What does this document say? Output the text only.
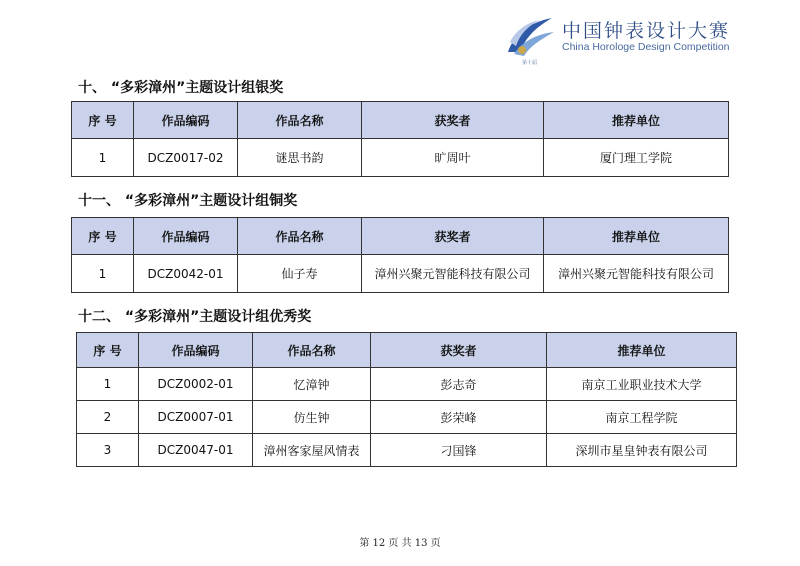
第十届
中国钟表设计大赛
China Horologe Design Competition
十、 “多彩漳州”主题设计组银奖
序 号	作品编码	作品名称	获奖者	推荐单位
1	DCZ0017-02	谜思书韵	旷周叶	厦门理工学院
十一、 “多彩漳州”主题设计组铜奖
序 号	作品编码	作品名称	获奖者	推荐单位
1	DCZ0042-01	仙子寿	漳州兴聚元智能科技有限公司	漳州兴聚元智能科技有限公司
十二、 “多彩漳州”主题设计组优秀奖
序 号	作品编码	作品名称	获奖者	推荐单位
1	DCZ0002-01	忆漳钟	彭志奇	南京工业职业技术大学
2	DCZ0007-01	仿生钟	彭荣峰	南京工程学院
3	DCZ0047-01	漳州客家屋风情表	刁国锋	深圳市星皇钟表有限公司
第 12 页 共 13 页
